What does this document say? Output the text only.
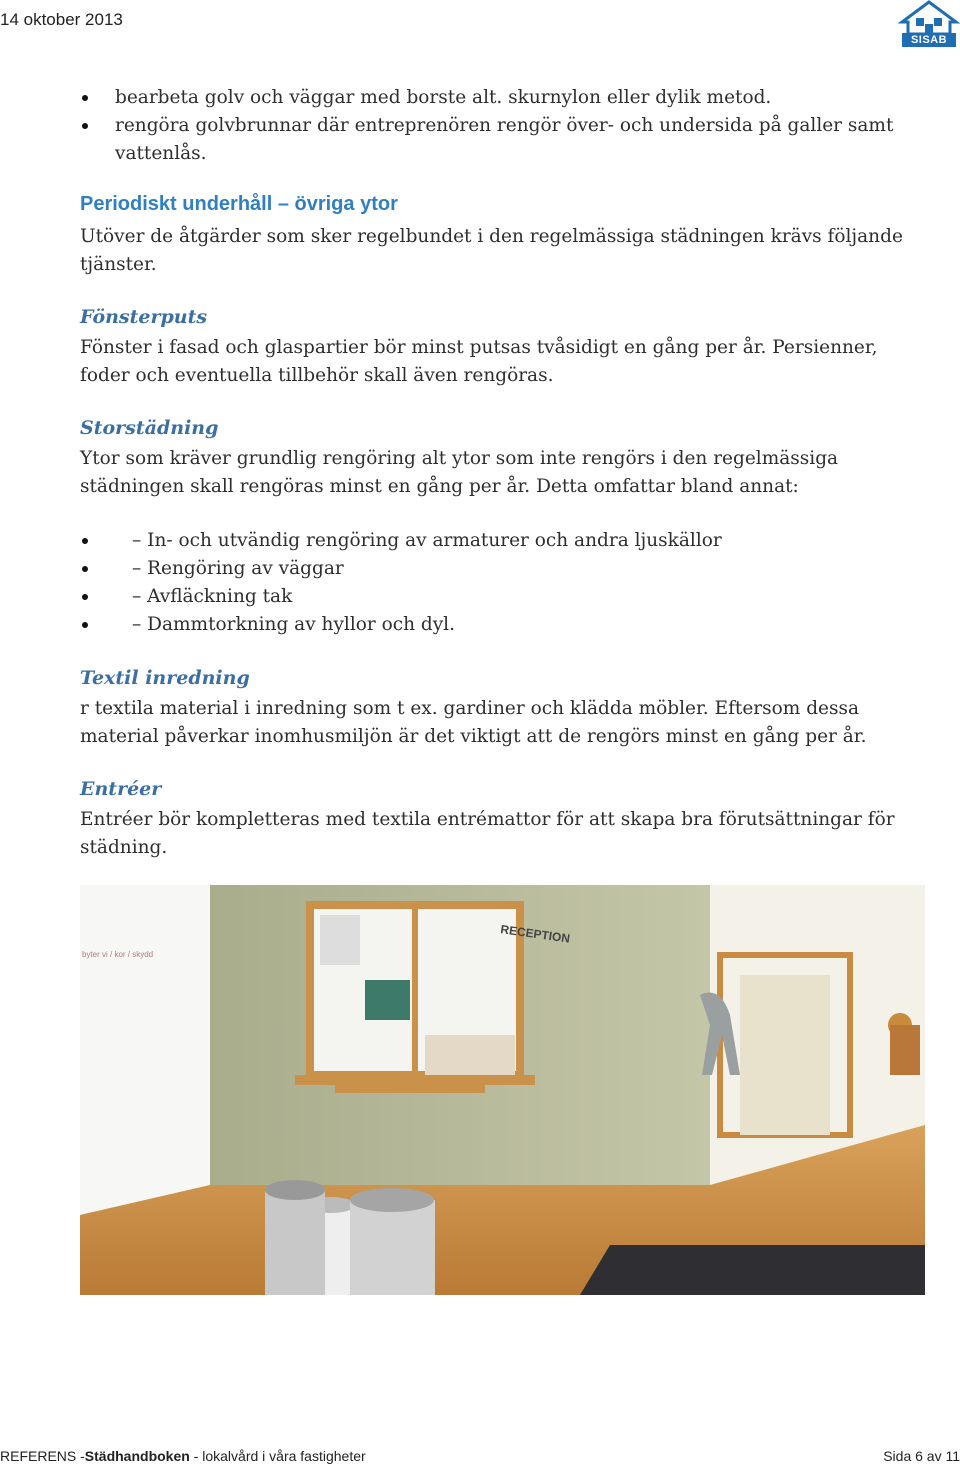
14 oktober 2013
SISAB
bearbeta golv och väggar med borste alt. skurnylon eller dylik metod.
rengöra golvbrunnar där entreprenören rengör över- och undersida på galler samt vattenlås.
Periodiskt underhåll – övriga ytor

Utöver de åtgärder som sker regelbundet i den regelmässiga städningen krävs följande tjänster.

Fönsterputs

Fönster i fasad och glaspartier bör minst putsas tvåsidigt en gång per år. Persienner, foder och eventuella tillbehör skall även rengöras.

Storstädning

Ytor som kräver grundlig rengöring alt ytor som inte rengörs i den regelmässiga städningen skall rengöras minst en gång per år. Detta omfattar bland annat:

– In- och utvändig rengöring av armaturer och andra ljuskällor
– Rengöring av väggar
– Avfläckning tak
– Dammtorkning av hyllor och dyl.
Textil inredning

r textila material i inredning som t ex. gardiner och klädda möbler. Eftersom dessa material påverkar inomhusmiljön är det viktigt att de rengörs minst en gång per år.

Entréer

Entréer bör kompletteras med textila entrémattor för att skapa bra förutsättningar för städning.

RECEPTION
byter vi / kor / skydd
REFERENS -Städhandboken - lokalvård i våra fastigheter	Sida 6 av 11
